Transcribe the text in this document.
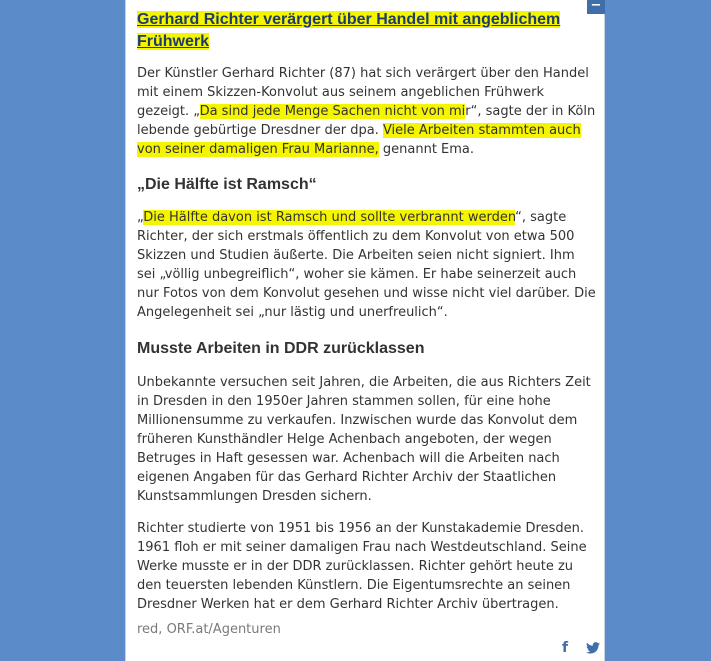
−
Gerhard Richter verärgert über Handel mit angeblichem Frühwerk
Der Künstler Gerhard Richter (87) hat sich verärgert über den Handel mit einem Skizzen-Konvolut aus seinem angeblichen Frühwerk gezeigt. „Da sind jede Menge Sachen nicht von mir“, sagte der in Köln lebende gebürtige Dresdner der dpa. Viele Arbeiten stammten auch von seiner damaligen Frau Marianne, genannt Ema.
„Die Hälfte ist Ramsch“
„Die Hälfte davon ist Ramsch und sollte verbrannt werden“, sagte Richter, der sich erstmals öffentlich zu dem Konvolut von etwa 500 Skizzen und Studien äußerte. Die Arbeiten seien nicht signiert. Ihm sei „völlig unbegreiflich“, woher sie kämen. Er habe seinerzeit auch nur Fotos von dem Konvolut gesehen und wisse nicht viel darüber. Die Angelegenheit sei „nur lästig und unerfreulich“.
Musste Arbeiten in DDR zurücklassen
Unbekannte versuchen seit Jahren, die Arbeiten, die aus Richters Zeit in Dresden in den 1950er Jahren stammen sollen, für eine hohe Millionensumme zu verkaufen. Inzwischen wurde das Konvolut dem früheren Kunsthändler Helge Achenbach angeboten, der wegen Betruges in Haft gesessen war. Achenbach will die Arbeiten nach eigenen Angaben für das Gerhard Richter Archiv der Staatlichen Kunstsammlungen Dresden sichern.
Richter studierte von 1951 bis 1956 an der Kunstakademie Dresden. 1961 floh er mit seiner damaligen Frau nach Westdeutschland. Seine Werke musste er in der DDR zurücklassen. Richter gehört heute zu den teuersten lebenden Künstlern. Die Eigentumsrechte an seinen Dresdner Werken hat er dem Gerhard Richter Archiv übertragen.
red, ORF.at/Agenturen
f
